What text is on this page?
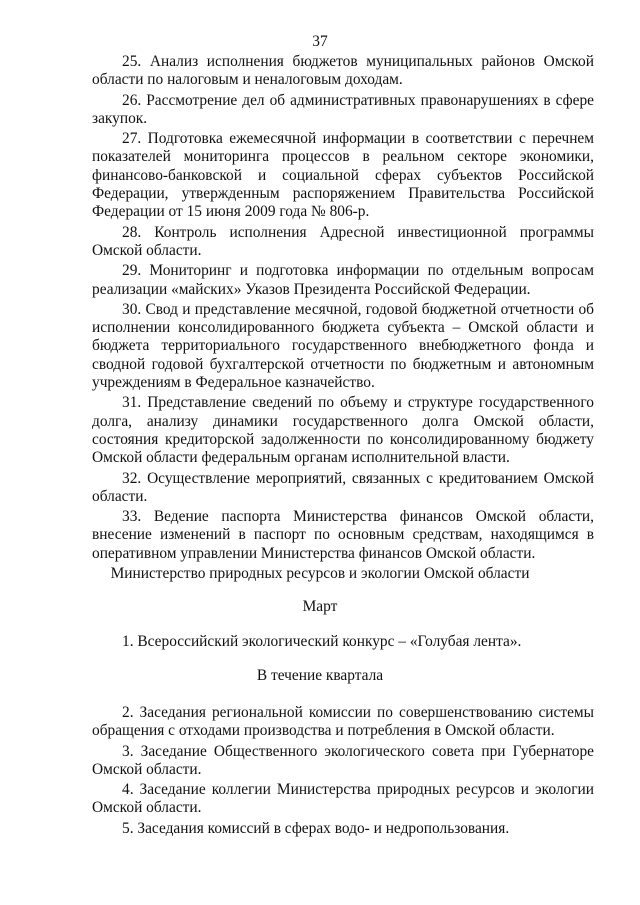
37

25. Анализ исполнения бюджетов муниципальных районов Омской области по налоговым и неналоговым доходам.

26. Рассмотрение дел об административных правонарушениях в сфере закупок.

27. Подготовка ежемесячной информации в соответствии с перечнем показателей мониторинга процессов в реальном секторе экономики, финансово-банковской и социальной сферах субъектов Российской Федерации, утвержденным распоряжением Правительства Российской Федерации от 15 июня 2009 года № 806-р.

28. Контроль исполнения Адресной инвестиционной программы Омской области.

29. Мониторинг и подготовка информации по отдельным вопросам реализации «майских» Указов Президента Российской Федерации.

30. Свод и представление месячной, годовой бюджетной отчетности об исполнении консолидированного бюджета субъекта – Омской области и бюджета территориального государственного внебюджетного фонда и сводной годовой бухгалтерской отчетности по бюджетным и автономным учреждениям в Федеральное казначейство.

31. Представление сведений по объему и структуре государственного долга, анализу динамики государственного долга Омской области, состояния кредиторской задолженности по консолидированному бюджету Омской области федеральным органам исполнительной власти.

32. Осуществление мероприятий, связанных с кредитованием Омской области.

33. Ведение паспорта Министерства финансов Омской области, внесение изменений в паспорт по основным средствам, находящимся в оперативном управлении Министерства финансов Омской области.

Министерство природных ресурсов и экологии Омской области

Март

1. Всероссийский экологический конкурс – «Голубая лента».

В течение квартала

2. Заседания региональной комиссии по совершенствованию системы обращения с отходами производства и потребления в Омской области.

3. Заседание Общественного экологического совета при Губернаторе Омской области.

4. Заседание коллегии Министерства природных ресурсов и экологии Омской области.

5. Заседания комиссий в сферах водо- и недропользования.
